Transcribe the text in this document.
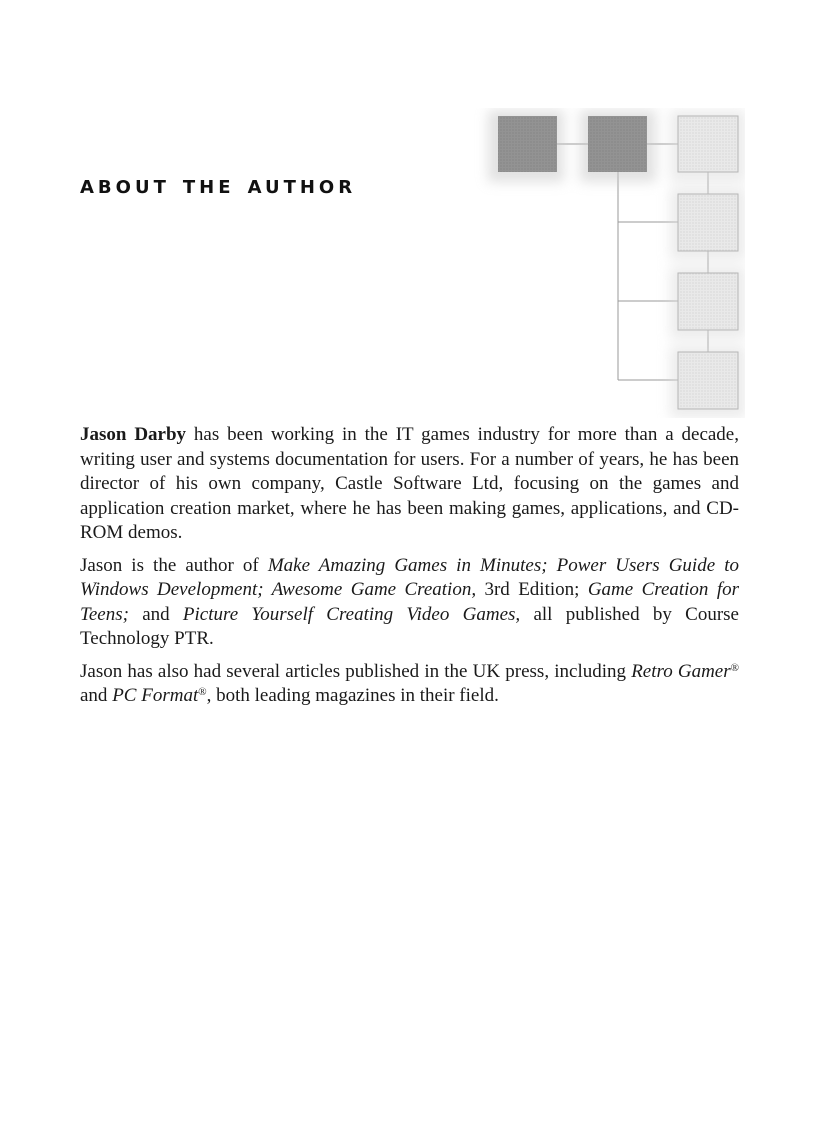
about the author

Jason Darby has been working in the IT games industry for more than a decade, writing user and systems documentation for users. For a number of years, he has been director of his own company, Castle Software Ltd, focusing on the games and application creation market, where he has been making games, applications, and CD-ROM demos.

Jason is the author of Make Amazing Games in Minutes; Power Users Guide to Windows Development; Awesome Game Creation, 3rd Edition; Game Creation for Teens; and Picture Yourself Creating Video Games, all published by Course Technology PTR.

Jason has also had several articles published in the UK press, including Retro Gamer® and PC Format®, both leading magazines in their field.
